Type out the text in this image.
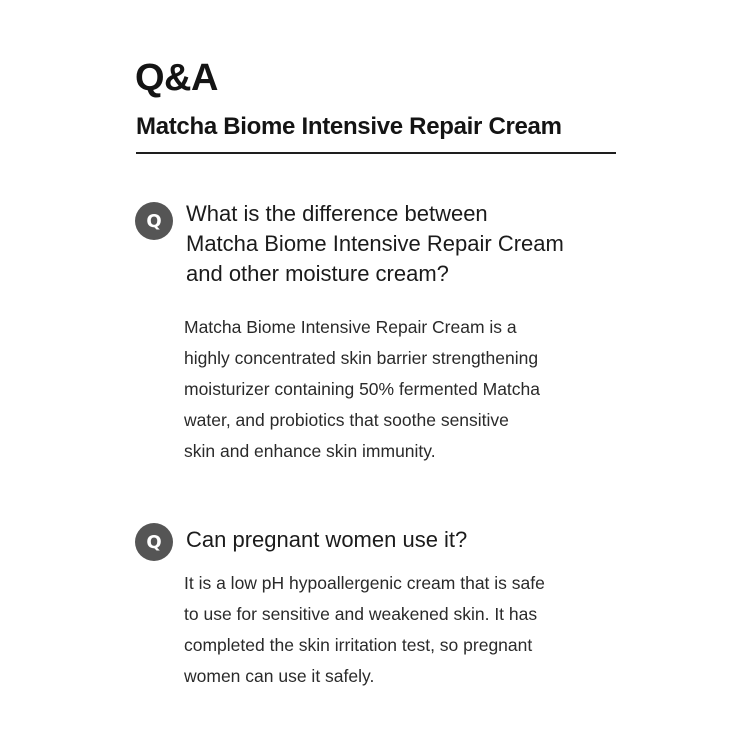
Q&A
Matcha Biome Intensive Repair Cream
Q	What is the difference between
Matcha Biome Intensive Repair Cream
and other moisture cream?
Matcha Biome Intensive Repair Cream is a
highly concentrated skin barrier strengthening
moisturizer containing 50% fermented Matcha
water, and probiotics that soothe sensitive
skin and enhance skin immunity.
Q	Can pregnant women use it?
It is a low pH hypoallergenic cream that is safe
to use for sensitive and weakened skin. It has
completed the skin irritation test, so pregnant
women can use it safely.
